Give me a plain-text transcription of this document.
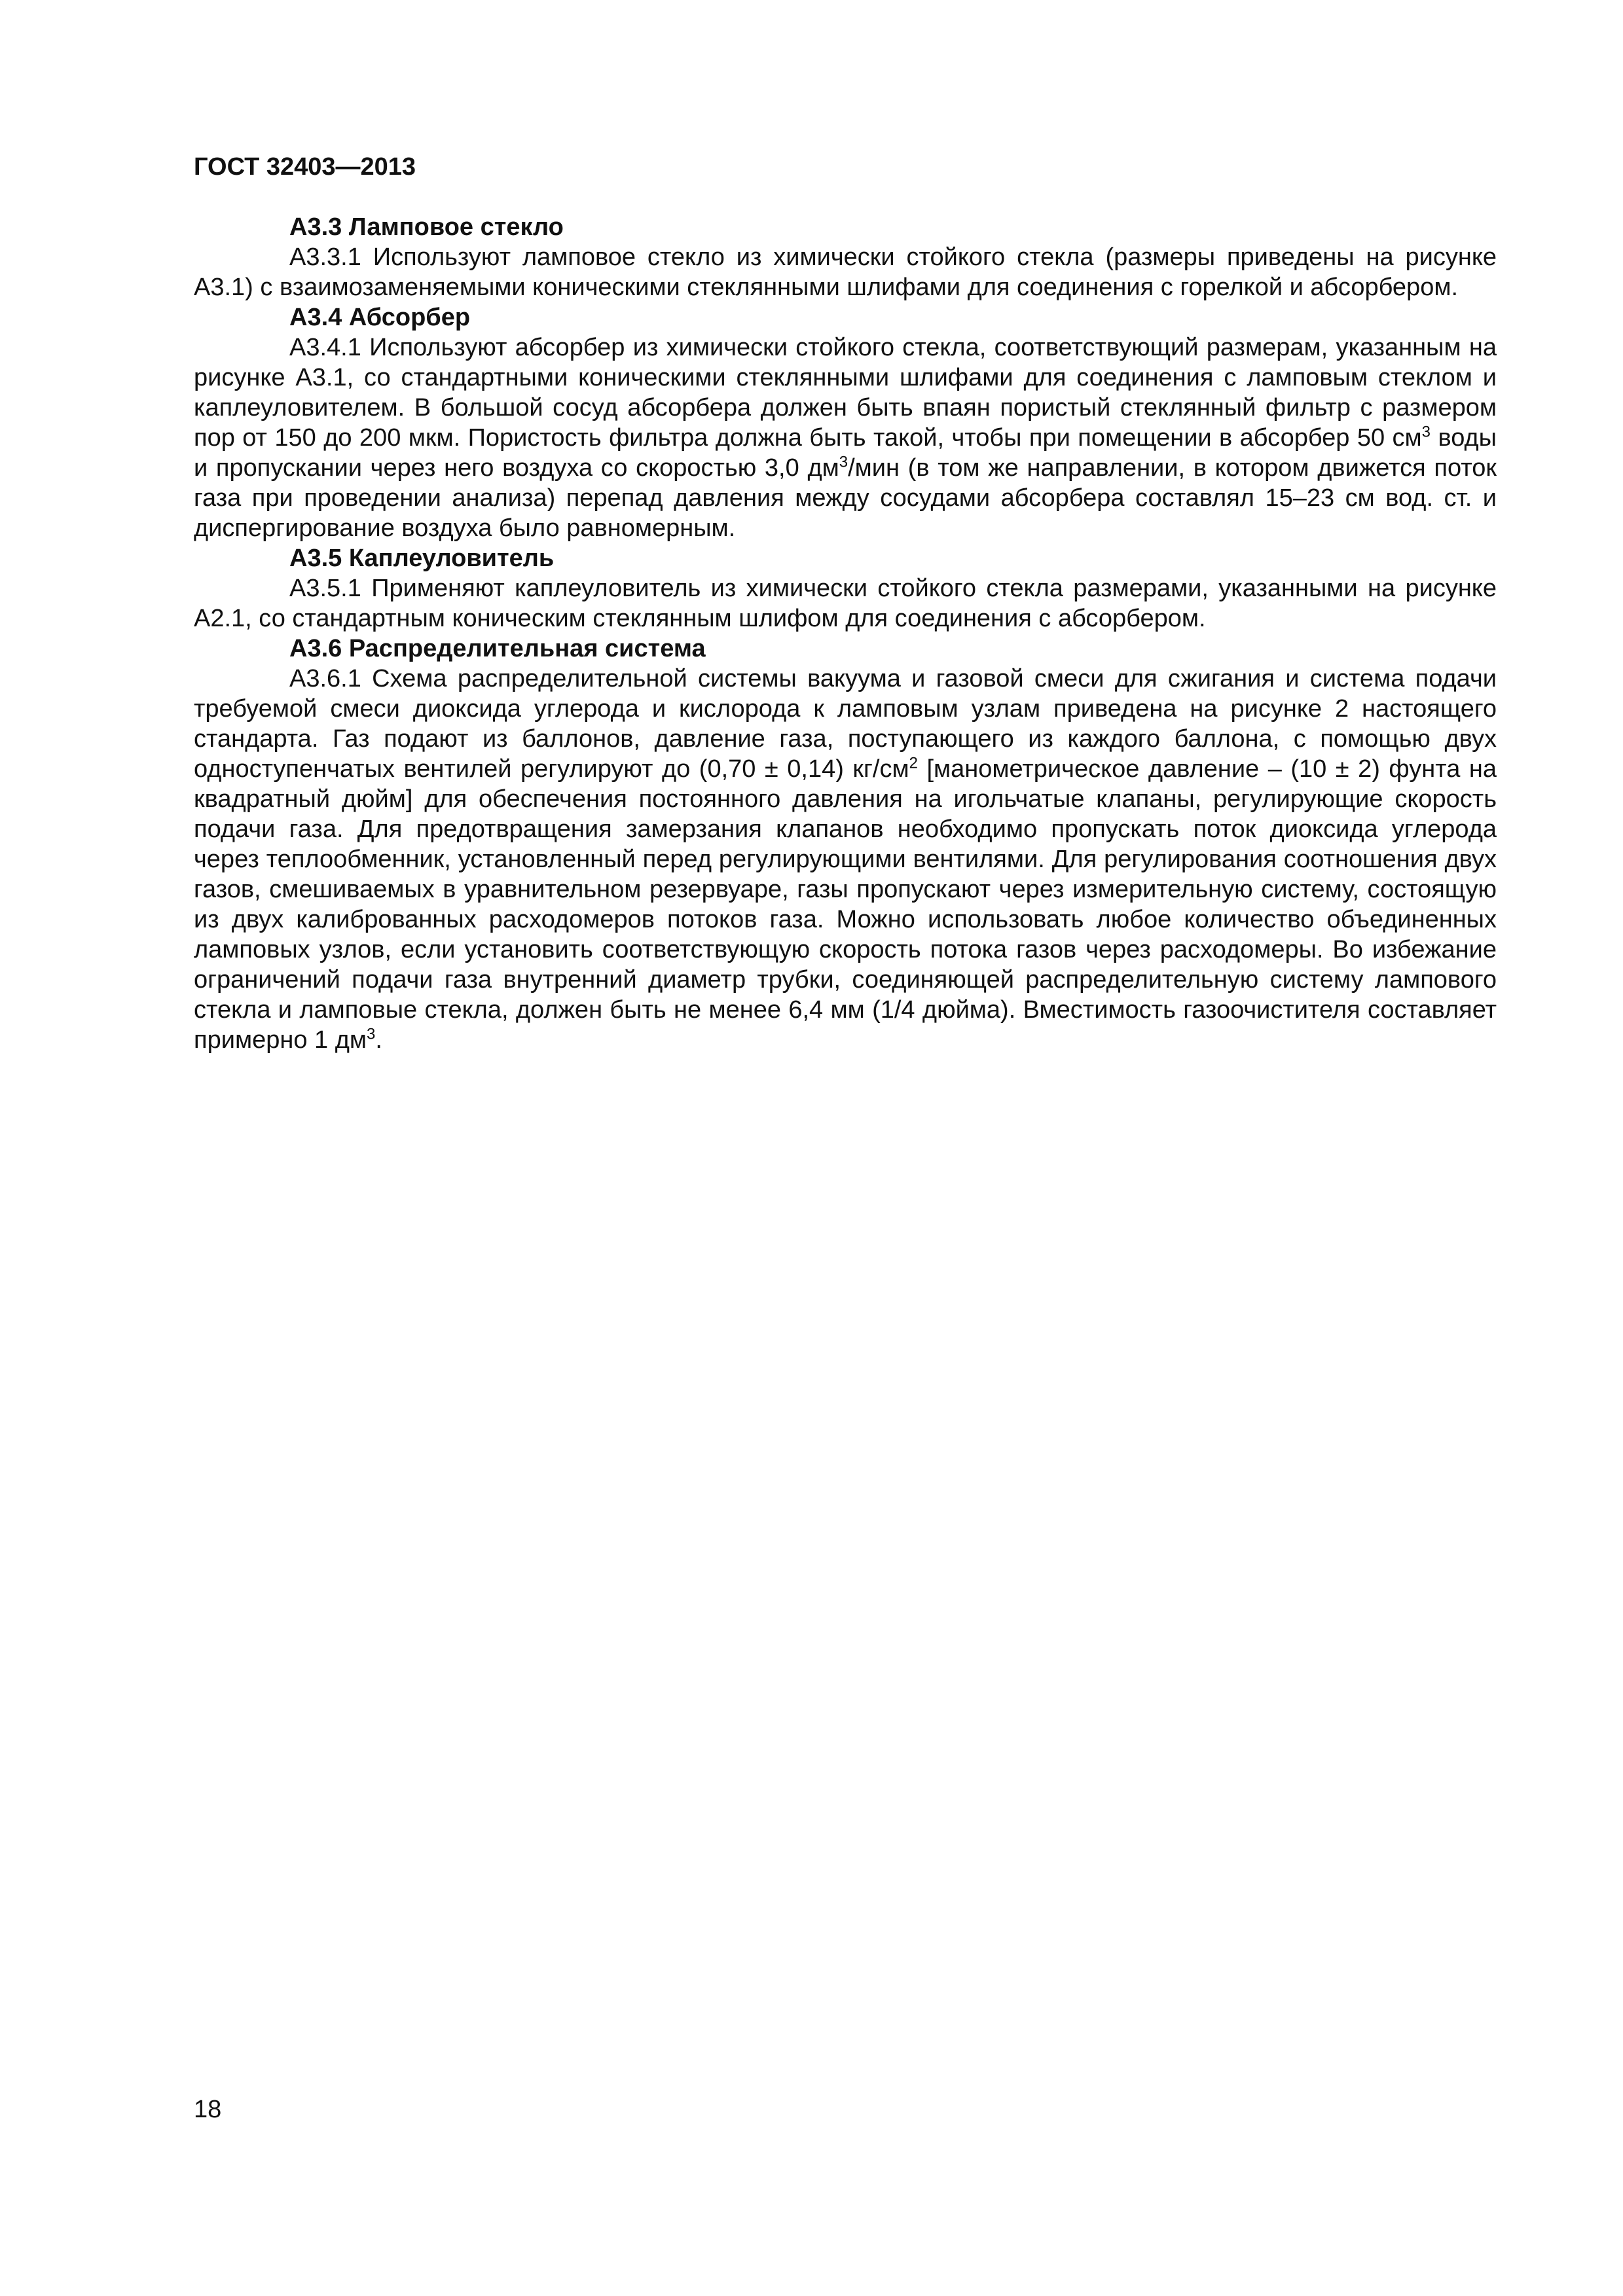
ГОСТ 32403—2013

А3.3 Ламповое стекло

А3.3.1 Используют ламповое стекло из химически стойкого стекла (размеры приведены на рисунке А3.1) с взаимозаменяемыми коническими стеклянными шлифами для соединения с горелкой и абсорбером.

А3.4 Абсорбер

А3.4.1 Используют абсорбер из химически стойкого стекла, соответствующий размерам, указанным на рисунке А3.1, со стандартными коническими стеклянными шлифами для соединения с ламповым стеклом и каплеуловителем. В большой сосуд абсорбера должен быть впаян пористый стеклянный фильтр с размером пор от 150 до 200 мкм. Пористость фильтра должна быть такой, чтобы при помещении в абсорбер 50 $см^3$ воды и пропускании через него воздуха со скоростью 3,0 $дм^3$/мин (в том же направлении, в котором движется поток газа при проведении анализа) перепад давления между сосудами абсорбера составлял 15–23 см вод. ст. и диспергирование воздуха было равномерным.

А3.5 Каплеуловитель

А3.5.1 Применяют каплеуловитель из химически стойкого стекла размерами, указанными на рисунке А2.1, со стандартным коническим стеклянным шлифом для соединения с абсорбером.

А3.6 Распределительная система

А3.6.1 Схема распределительной системы вакуума и газовой смеси для сжигания и система подачи требуемой смеси диоксида углерода и кислорода к ламповым узлам приведена на рисунке 2 настоящего стандарта. Газ подают из баллонов, давление газа, поступающего из каждого баллона, с помощью двух одноступенчатых вентилей регулируют до (0,70 ± 0,14) $кг/см^2$ [манометрическое давление – (10 ± 2) фунта на квадратный дюйм] для обеспечения постоянного давления на игольчатые клапаны, регулирующие скорость подачи газа. Для предотвращения замерзания клапанов необходимо пропускать поток диоксида углерода через теплообменник, установленный перед регулирующими вентилями. Для регулирования соотношения двух газов, смешиваемых в уравнительном резервуаре, газы пропускают через измерительную систему, состоящую из двух калиброванных расходомеров потоков газа. Можно использовать любое количество объединенных ламповых узлов, если установить соответствующую скорость потока газов через расходомеры. Во избежание ограничений подачи газа внутренний диаметр трубки, соединяющей распределительную систему лампового стекла и ламповые стекла, должен быть не менее 6,4 мм (1/4 дюйма). Вместимость газоочистителя составляет примерно 1 $дм^3$.

18
